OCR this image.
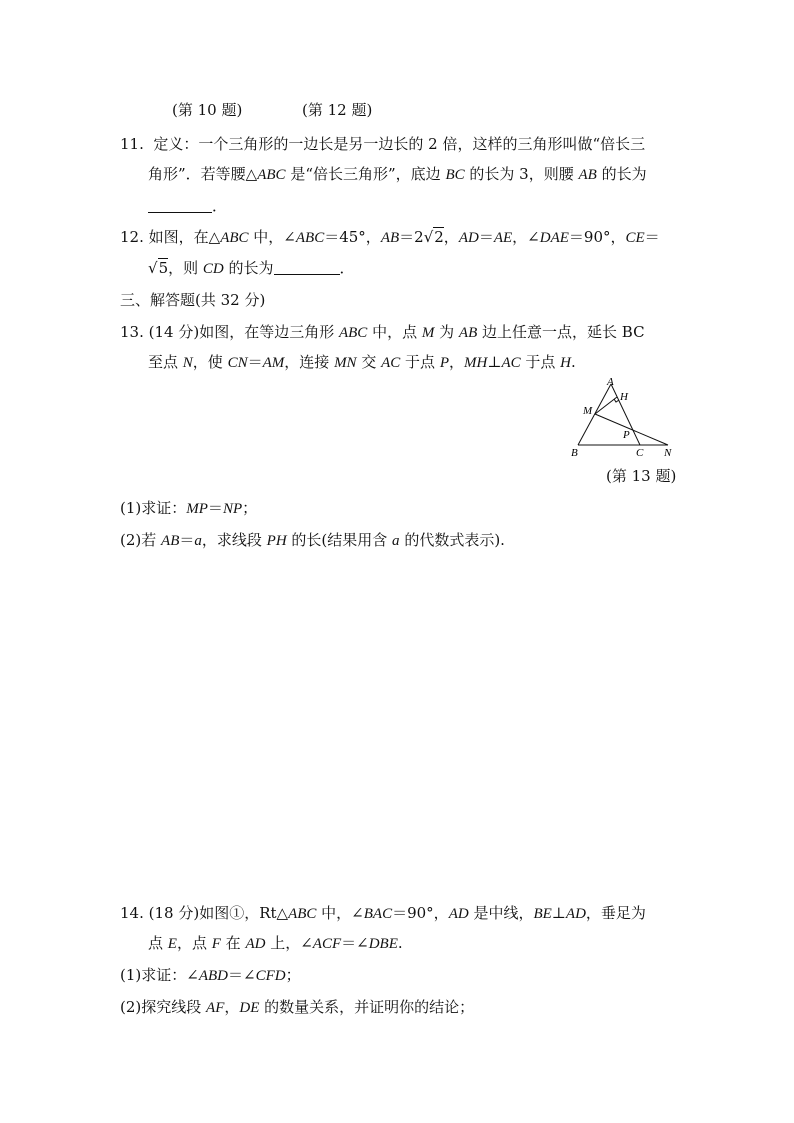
(第 10 题)	(第 12 题)
11. 定义：一个三角形的一边长是另一边长的 2 倍，这样的三角形叫做“倍长三
角形”．若等腰△ABC 是“倍长三角形”，底边 BC 的长为 3，则腰 AB 的长为
．
12. 如图，在△ABC 中，∠ABC＝45°，AB＝2√2，AD＝AE，∠DAE＝90°，CE＝
√5，则 CD 的长为	．
三、解答题(共 32 分)
13. (14 分)如图，在等边三角形 ABC 中，点 M 为 AB 边上任意一点，延长 BC
至点 N，使 CN＝AM，连接 MN 交 AC 于点 P，MH⊥AC 于点 H.
A
H
M
P
B	C N
(第 13 题)
(1)求证：MP＝NP；
(2)若 AB＝a，求线段 PH 的长(结果用含 a 的代数式表示).
14. (18 分)如图①，Rt△ABC 中，∠BAC＝90°，AD 是中线，BE⊥AD，垂足为
点 E，点 F 在 AD 上，∠ACF＝∠DBE.
(1)求证：∠ABD＝∠CFD；
(2)探究线段 AF，DE 的数量关系，并证明你的结论；
